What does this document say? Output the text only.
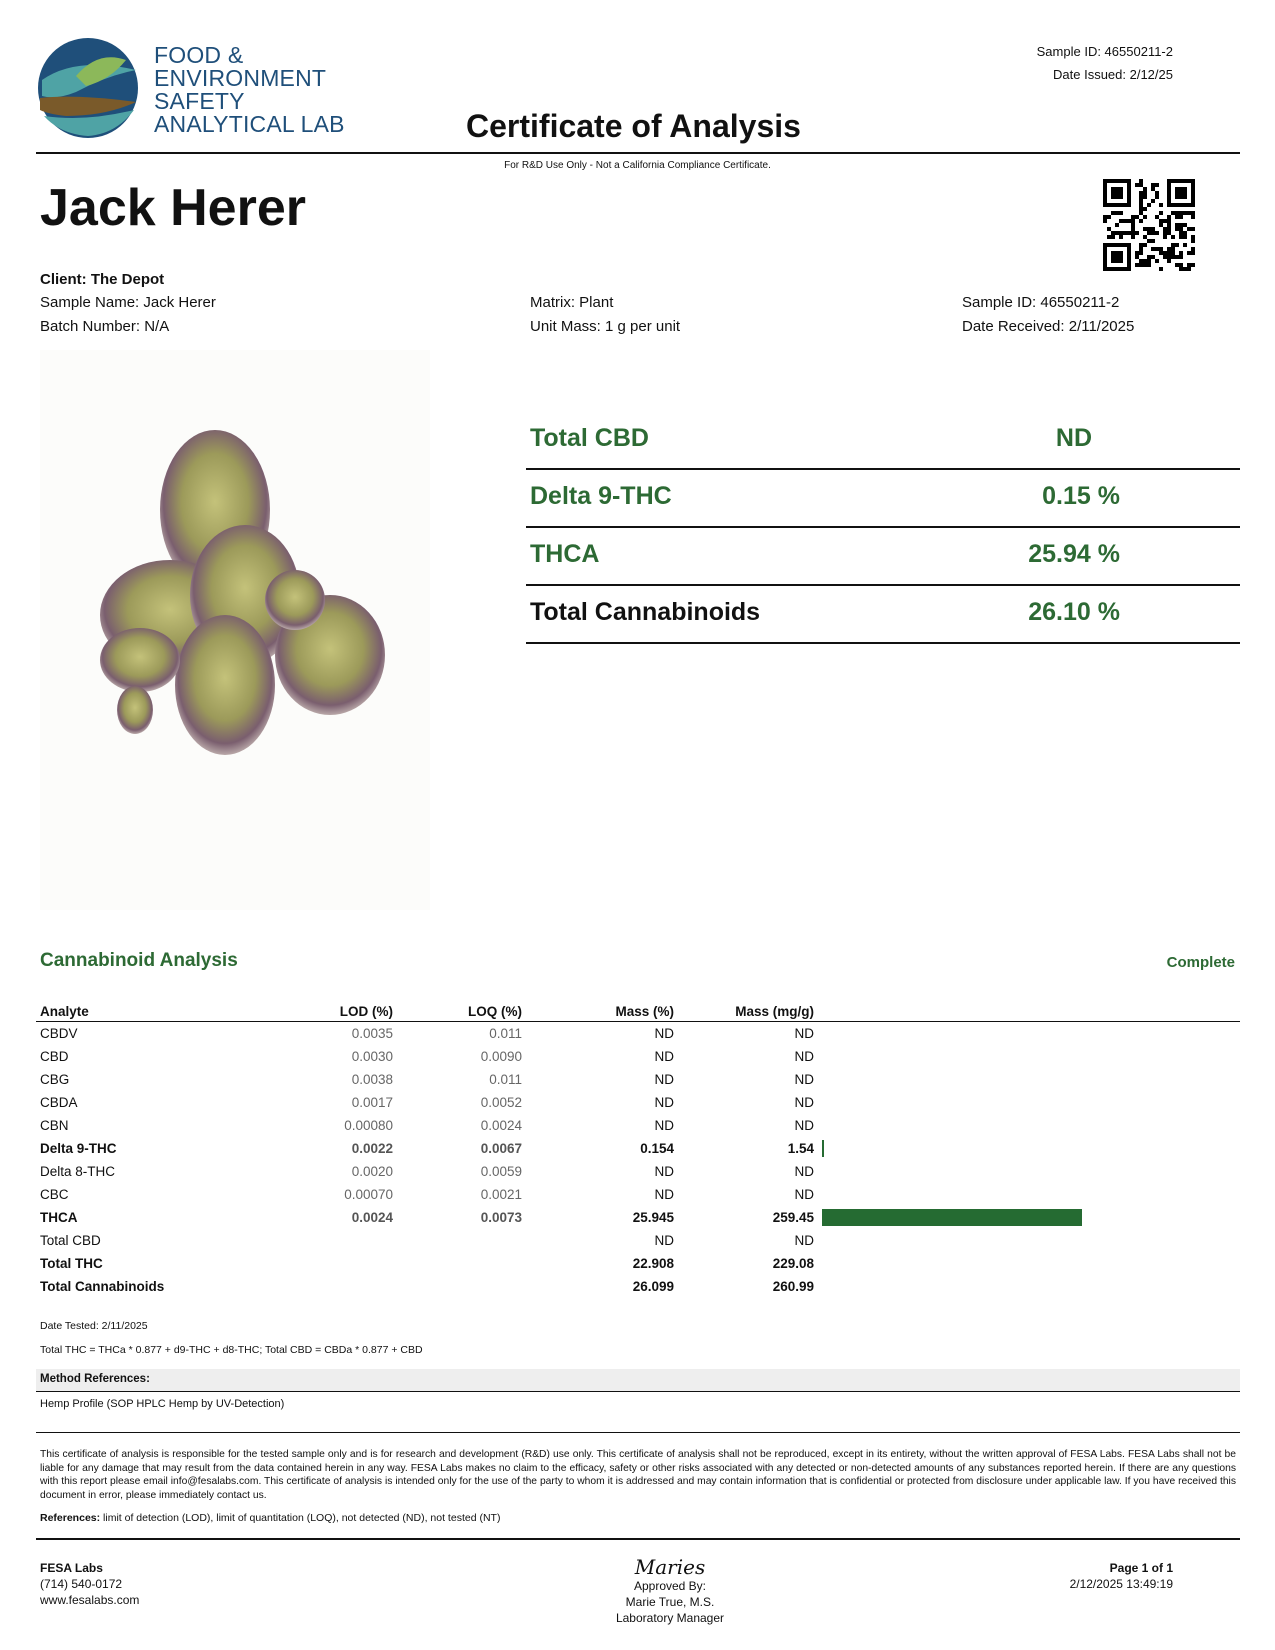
FOOD &
ENVIRONMENT
SAFETY
ANALYTICAL LAB
Sample ID: 46550211-2
Date Issued: 2/12/25
Certificate of Analysis
For R&D Use Only - Not a California Compliance Certificate.
Jack Herer
Client: The Depot
Sample Name: Jack Herer
Batch Number: N/A
Matrix: Plant
Unit Mass: 1 g per unit
Sample ID: 46550211-2
Date Received: 2/11/2025
Total CBD	ND
Delta 9-THC	0.15 %
THCA	25.94 %
Total Cannabinoids	26.10 %
Cannabinoid Analysis	Complete
Analyte	LOD (%)	LOQ (%)	Mass (%)	Mass (mg/g)	
CBDV	0.0035	0.011	ND	ND	
CBD	0.0030	0.0090	ND	ND	
CBG	0.0038	0.011	ND	ND	
CBDA	0.0017	0.0052	ND	ND	
CBN	0.00080	0.0024	ND	ND	
Delta 9-THC	0.0022	0.0067	0.154	1.54	
Delta 8-THC	0.0020	0.0059	ND	ND	
CBC	0.00070	0.0021	ND	ND	
THCA	0.0024	0.0073	25.945	259.45	
Total CBD			ND	ND	
Total THC			22.908	229.08	
Total Cannabinoids			26.099	260.99	
Date Tested: 2/11/2025
Total THC = THCa * 0.877 + d9-THC + d8-THC; Total CBD = CBDa * 0.877 + CBD
Method References:
Hemp Profile (SOP HPLC Hemp by UV-Detection)
This certificate of analysis is responsible for the tested sample only and is for research and development (R&D) use only. This certificate of analysis shall not be reproduced, except in its entirety, without the written approval of FESA Labs. FESA Labs shall not be liable for any damage that may result from the data contained herein in any way. FESA Labs makes no claim to the efficacy, safety or other risks associated with any detected or non-detected amounts of any substances reported herein. If there are any questions with this report please email info@fesalabs.com. This certificate of analysis is intended only for the use of the party to whom it is addressed and may contain information that is confidential or protected from disclosure under applicable law. If you have received this document in error, please immediately contact us.
References: limit of detection (LOD), limit of quantitation (LOQ), not detected (ND), not tested (NT)
FESA Labs
(714) 540-0172
www.fesalabs.com
Maries
Approved By:
Marie True, M.S.
Laboratory Manager
Page 1 of 1
2/12/2025 13:49:19
